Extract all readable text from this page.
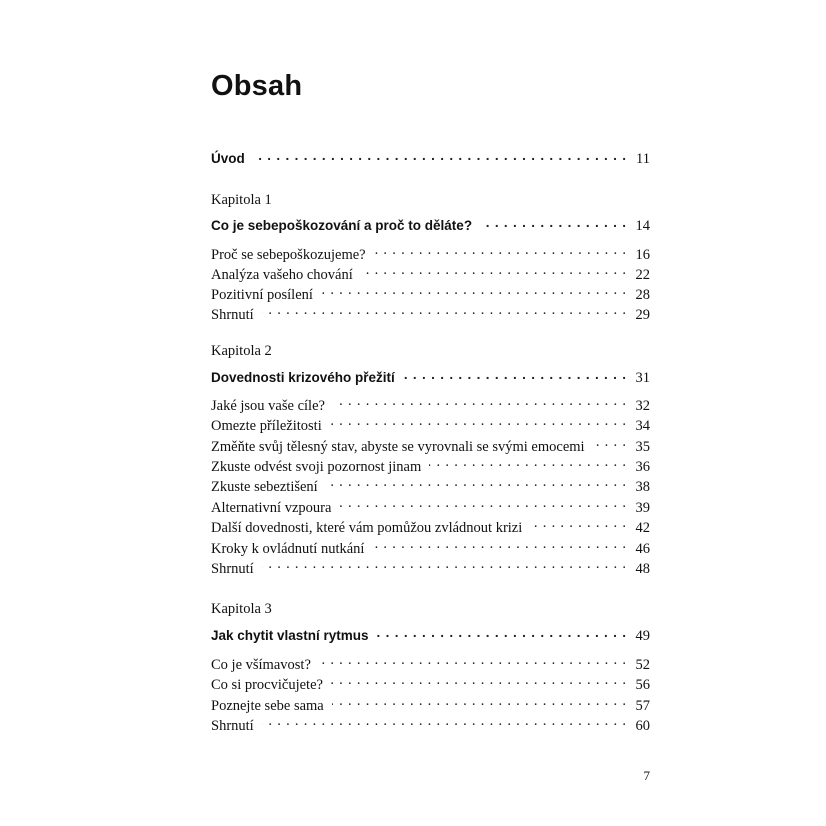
Obsah
Úvod . . .	11
Kapitola 1
Co je sebepoškozování a proč to děláte? . . .	14
Proč se sebepoškozujeme? . . .	16
Analýza vašeho chování . . .	22
Pozitivní posílení . . .	28
Shrnutí . . .	29
Kapitola 2
Dovednosti krizového přežití . . .	31
Jaké jsou vaše cíle? . . .	32
Omezte příležitosti . . .	34
Změňte svůj tělesný stav, abyste se vyrovnali se svými emocemi . . .	35
Zkuste odvést svoji pozornost jinam . . .	36
Zkuste sebeztišení . . .	38
Alternativní vzpoura . . .	39
Další dovednosti, které vám pomůžou zvládnout krizi . . .	42
Kroky k ovládnutí nutkání . . .	46
Shrnutí . . .	48
Kapitola 3
Jak chytit vlastní rytmus . . .	49
Co je všímavost? . . .	52
Co si procvičujete? . . .	56
Poznejte sebe sama . . .	57
Shrnutí . . .	60
7
